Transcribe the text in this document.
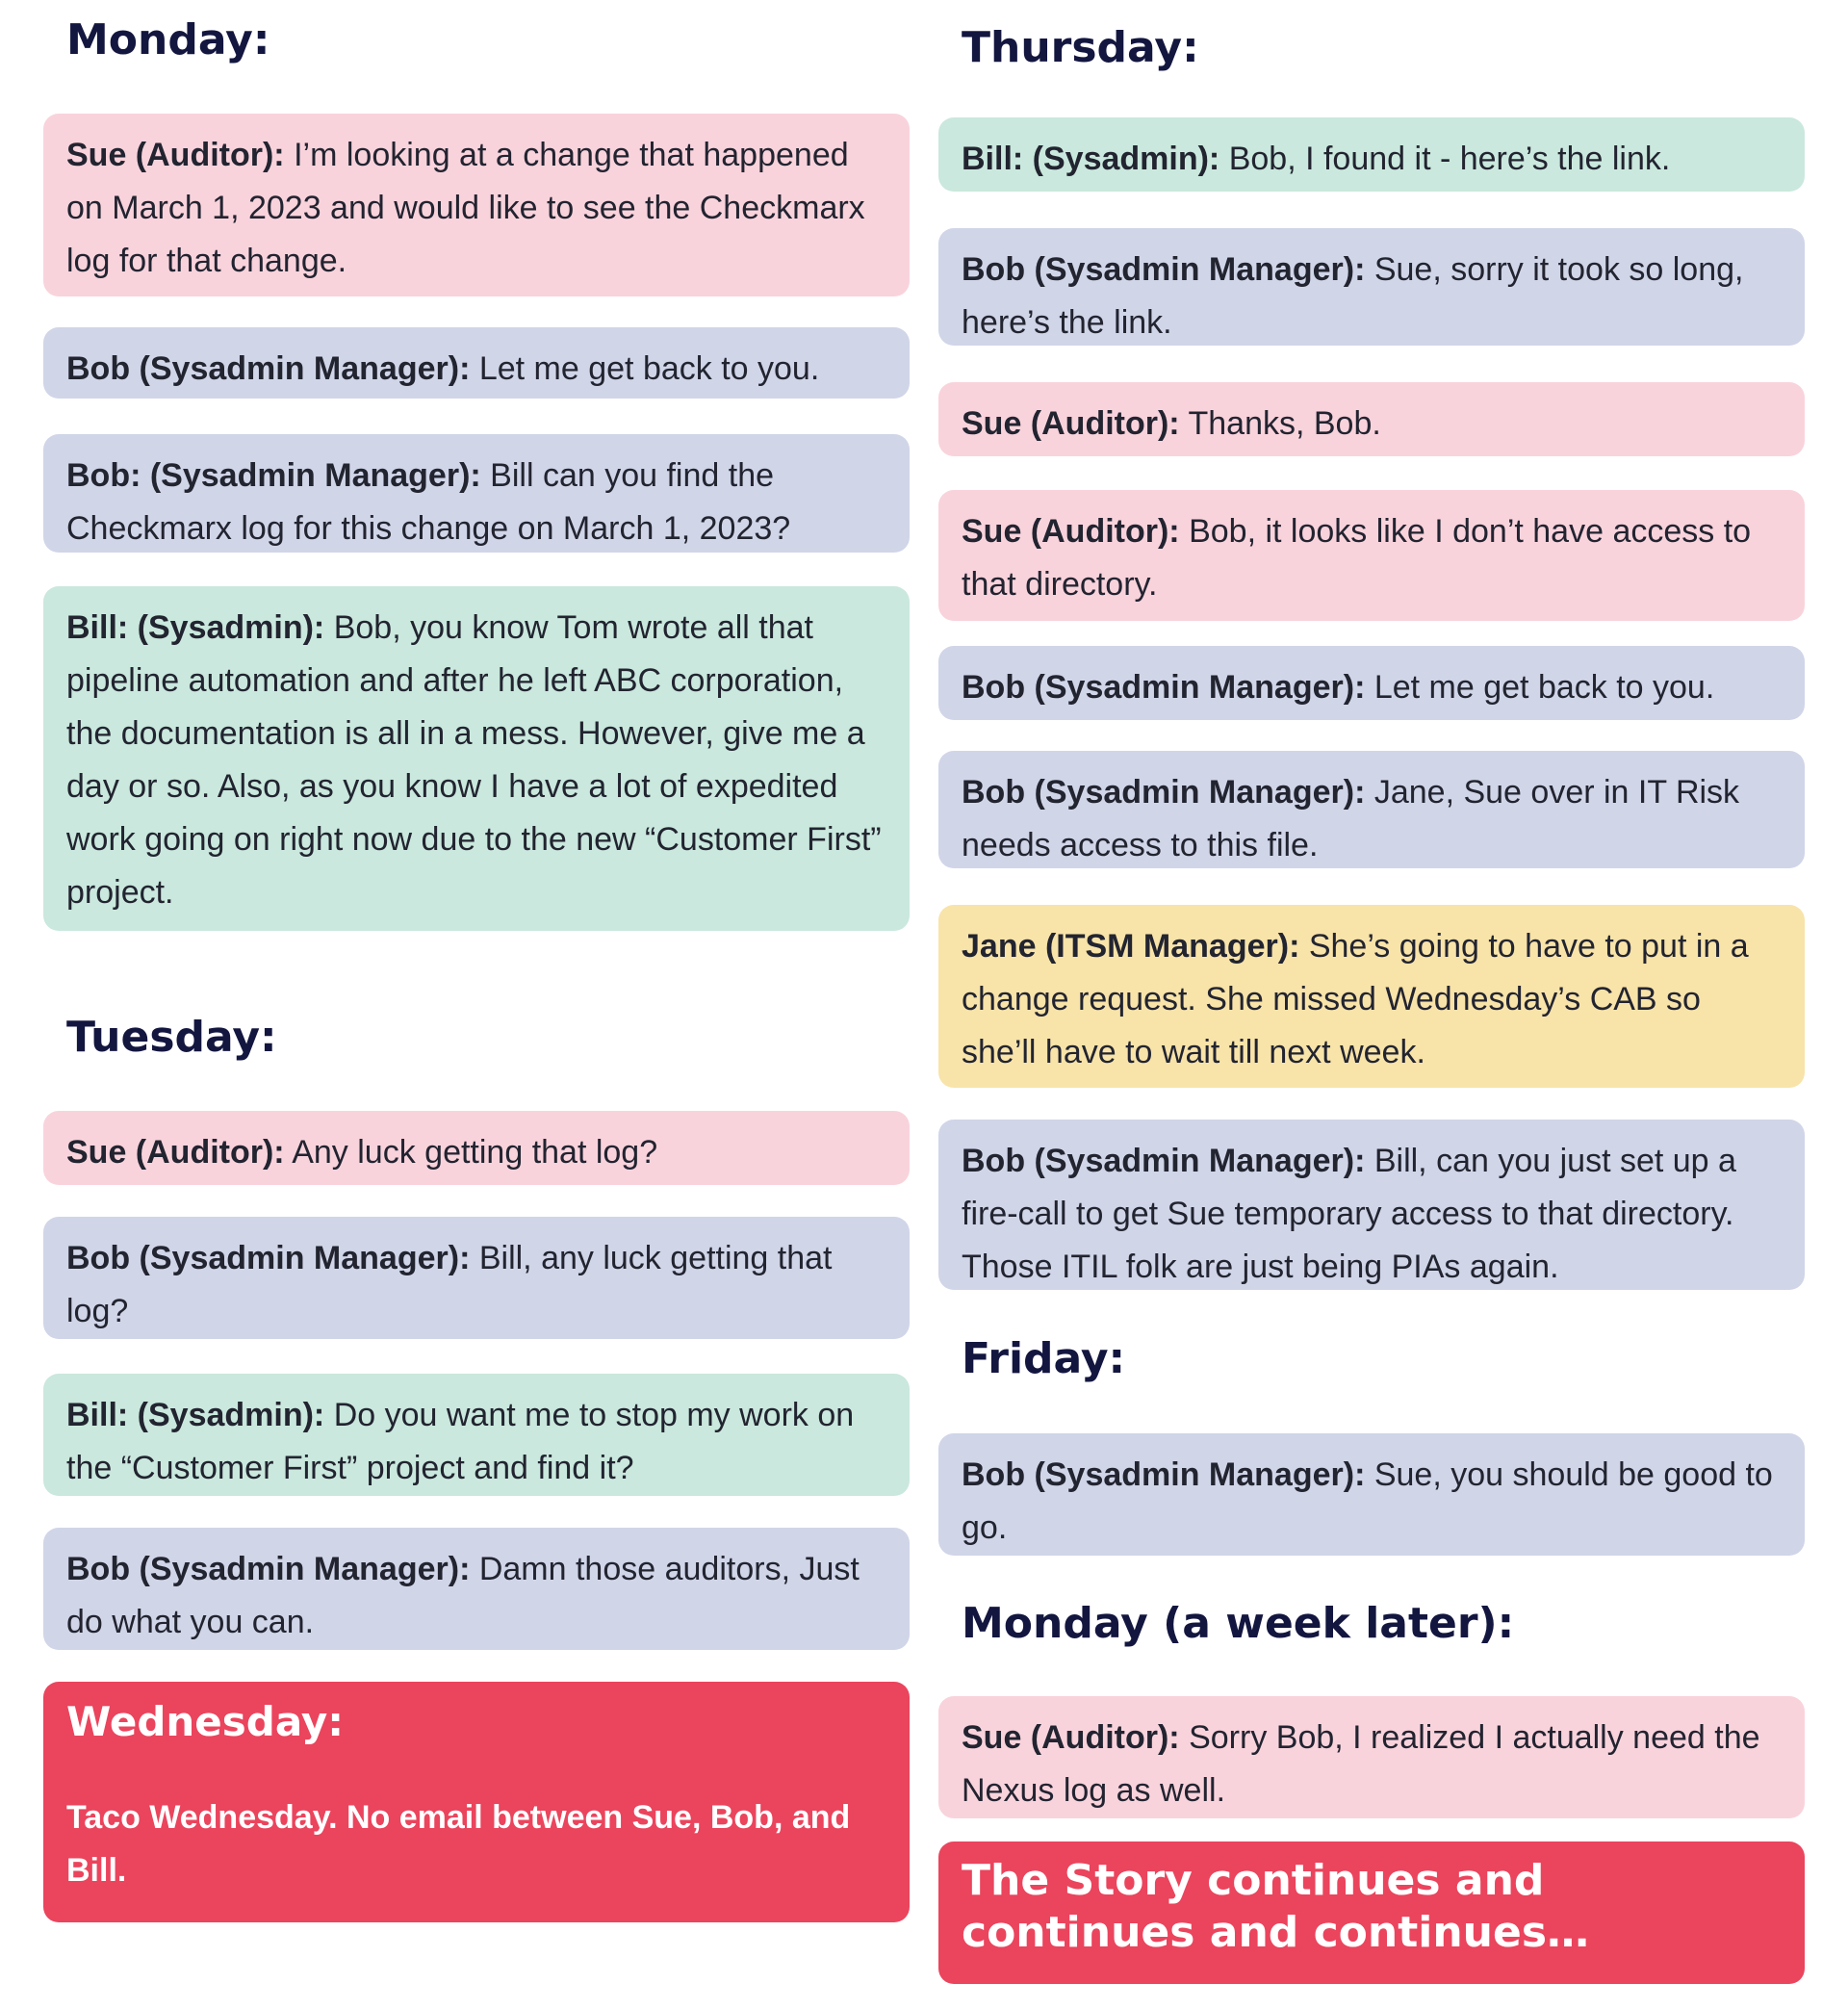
Monday:
Sue (Auditor): I’m looking at a change that happened on March 1, 2023 and would like to see the Checkmarx log for that change.
Bob (Sysadmin Manager): Let me get back to you.
Bob: (Sysadmin Manager): Bill can you find the Checkmarx log for this change on March 1, 2023?
Bill: (Sysadmin): Bob, you know Tom wrote all that pipeline automation and after he left ABC corporation, the documentation is all in a mess. However, give me a day or so. Also, as you know I have a lot of expedited work going on right now due to the new “Customer First” project.
Tuesday:
Sue (Auditor): Any luck getting that log?
Bob (Sysadmin Manager): Bill, any luck getting that log?
Bill: (Sysadmin): Do you want me to stop my work on the “Customer First” project and find it?
Bob (Sysadmin Manager): Damn those auditors, Just do what you can.
Wednesday:
Taco Wednesday. No email between Sue, Bob, and Bill.
Thursday:
Bill: (Sysadmin): Bob, I found it - here’s the link.
Bob (Sysadmin Manager): Sue, sorry it took so long, here’s the link.
Sue (Auditor): Thanks, Bob.
Sue (Auditor): Bob, it looks like I don’t have access to that directory.
Bob (Sysadmin Manager): Let me get back to you.
Bob (Sysadmin Manager): Jane, Sue over in IT Risk needs access to this file.
Jane (ITSM Manager): She’s going to have to put in a change request. She missed Wednesday’s CAB so she’ll have to wait till next week.
Bob (Sysadmin Manager): Bill, can you just set up a fire-call to get Sue temporary access to that directory. Those ITIL folk are just being PIAs again.
Friday:
Bob (Sysadmin Manager): Sue, you should be good to go.
Monday (a week later):
Sue (Auditor): Sorry Bob, I realized I actually need the Nexus log as well.
The Story continues and continues and continues…
